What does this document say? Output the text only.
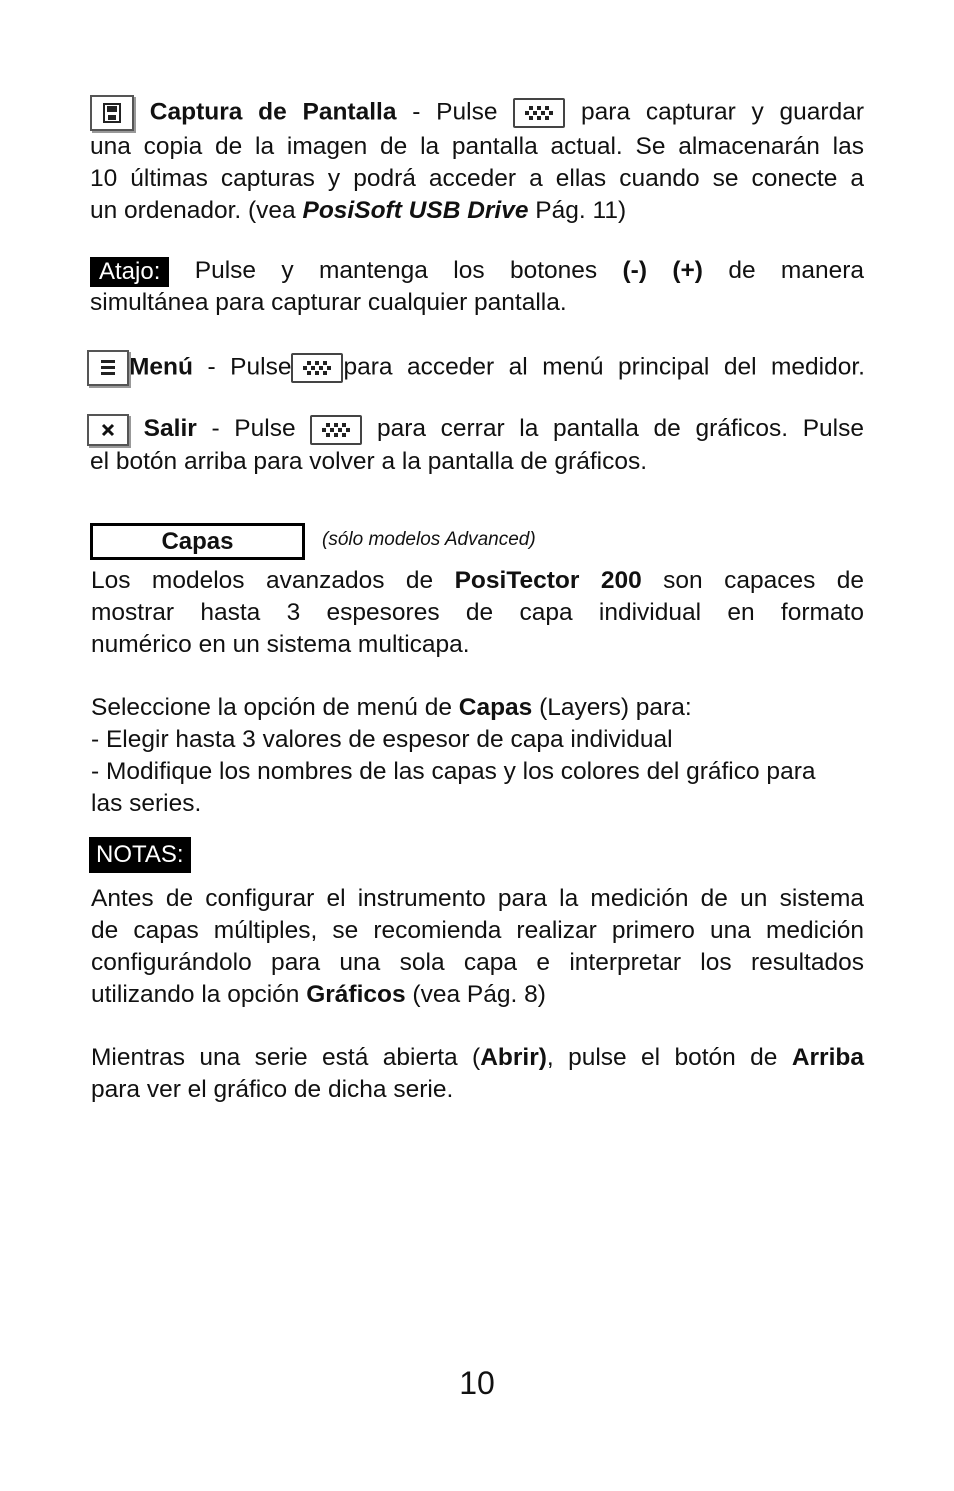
Captura de Pantalla - Pulse	para capturar y guardar
una copia de la imagen de la pantalla actual. Se almacenarán las
10 últimas capturas y podrá acceder a ellas cuando se conecte a
un ordenador. (vea PosiSoft USB Drive Pág. 11)
Atajo: Pulse y mantenga los botones (-) (+) de manera
simultánea para capturar cualquier pantalla.
Menú - Pulse para acceder al menú principal del medidor.
Salir - Pulse	para cerrar la pantalla de gráficos. Pulse
el botón arriba para volver a la pantalla de gráficos.
Capas	(sólo modelos Advanced)
Los modelos avanzados de PosiTector 200 son capaces de
mostrar hasta 3 espesores de capa individual en formato
numérico en un sistema multicapa.
Seleccione la opción de menú de Capas (Layers) para:
- Elegir hasta 3 valores de espesor de capa individual
- Modifique los nombres de las capas y los colores del gráfico para
las series.
NOTAS:
Antes de configurar el instrumento para la medición de un sistema
de capas múltiples, se recomienda realizar primero una medición
configurándolo para una sola capa e interpretar los resultados
utilizando la opción Gráficos (vea Pág. 8)
Mientras una serie está abierta (Abrir), pulse el botón de Arriba
para ver el gráfico de dicha serie.
10
